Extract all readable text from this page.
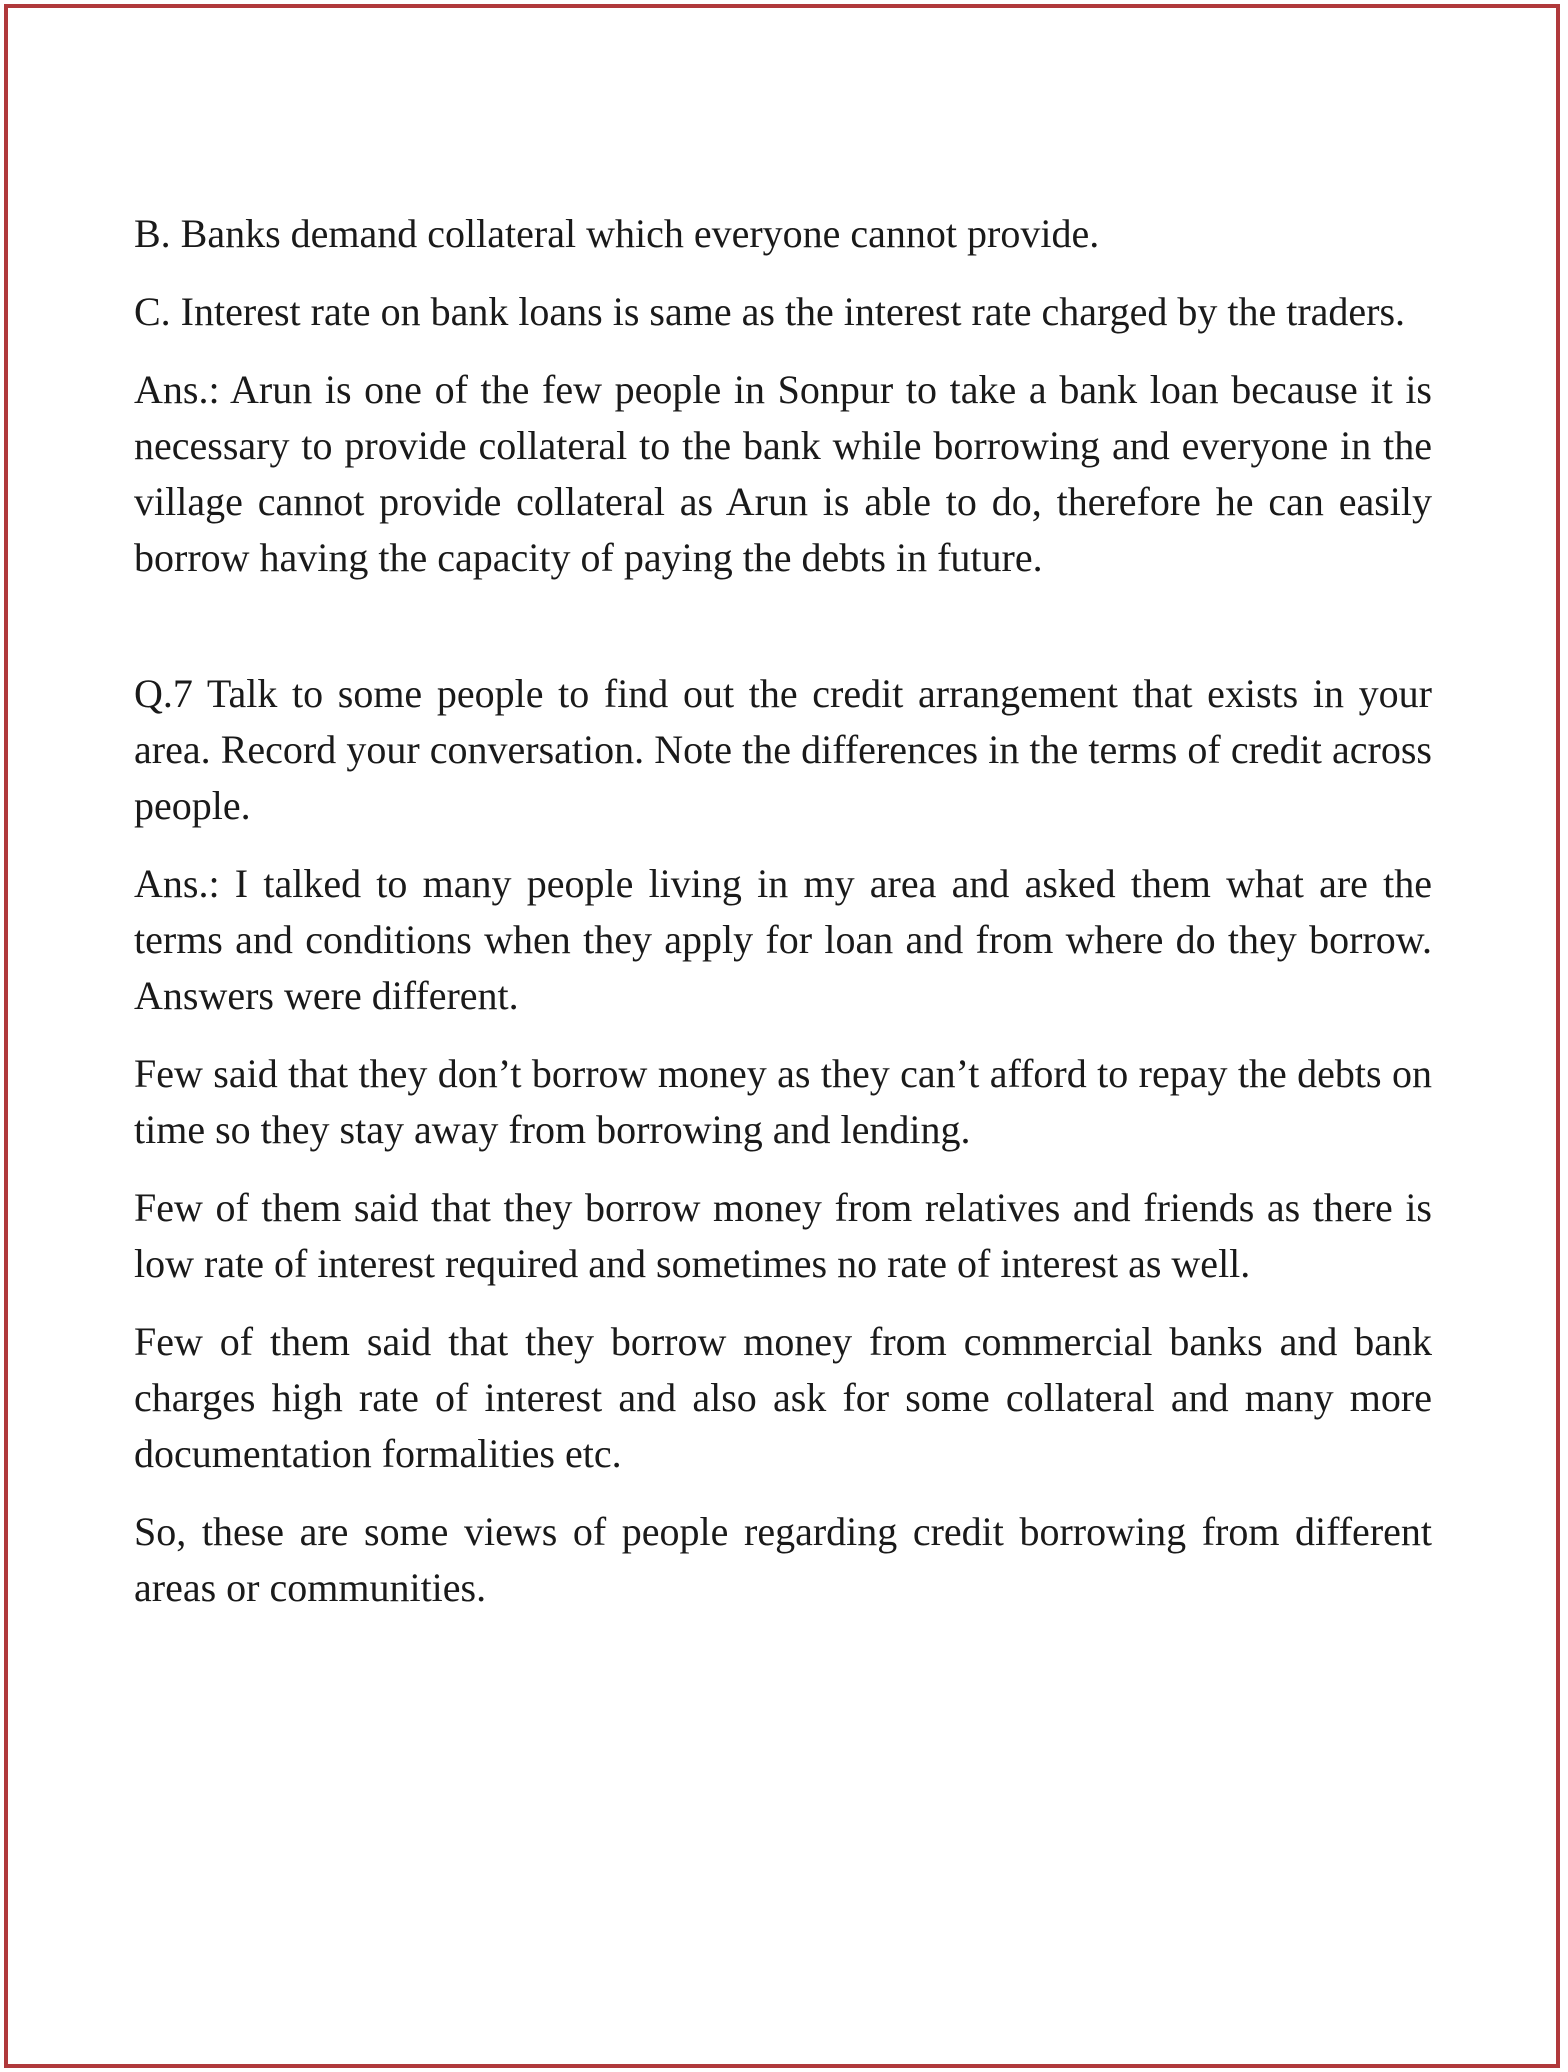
B. Banks demand collateral which everyone cannot provide.

C. Interest rate on bank loans is same as the interest rate charged by the traders.

Ans.: Arun is one of the few people in Sonpur to take a bank loan because it is necessary to provide collateral to the bank while borrowing and everyone in the village cannot provide collateral as Arun is able to do, therefore he can easily borrow having the capacity of paying the debts in future.

Q.7 Talk to some people to find out the credit arrangement that exists in your area. Record your conversation. Note the differences in the terms of credit across people.

Ans.: I talked to many people living in my area and asked them what are the terms and conditions when they apply for loan and from where do they borrow. Answers were different.

Few said that they don’t borrow money as they can’t afford to repay the debts on time so they stay away from borrowing and lending.

Few of them said that they borrow money from relatives and friends as there is low rate of interest required and sometimes no rate of interest as well.

Few of them said that they borrow money from commercial banks and bank charges high rate of interest and also ask for some collateral and many more documentation formalities etc.

So, these are some views of people regarding credit borrowing from different areas or communities.
